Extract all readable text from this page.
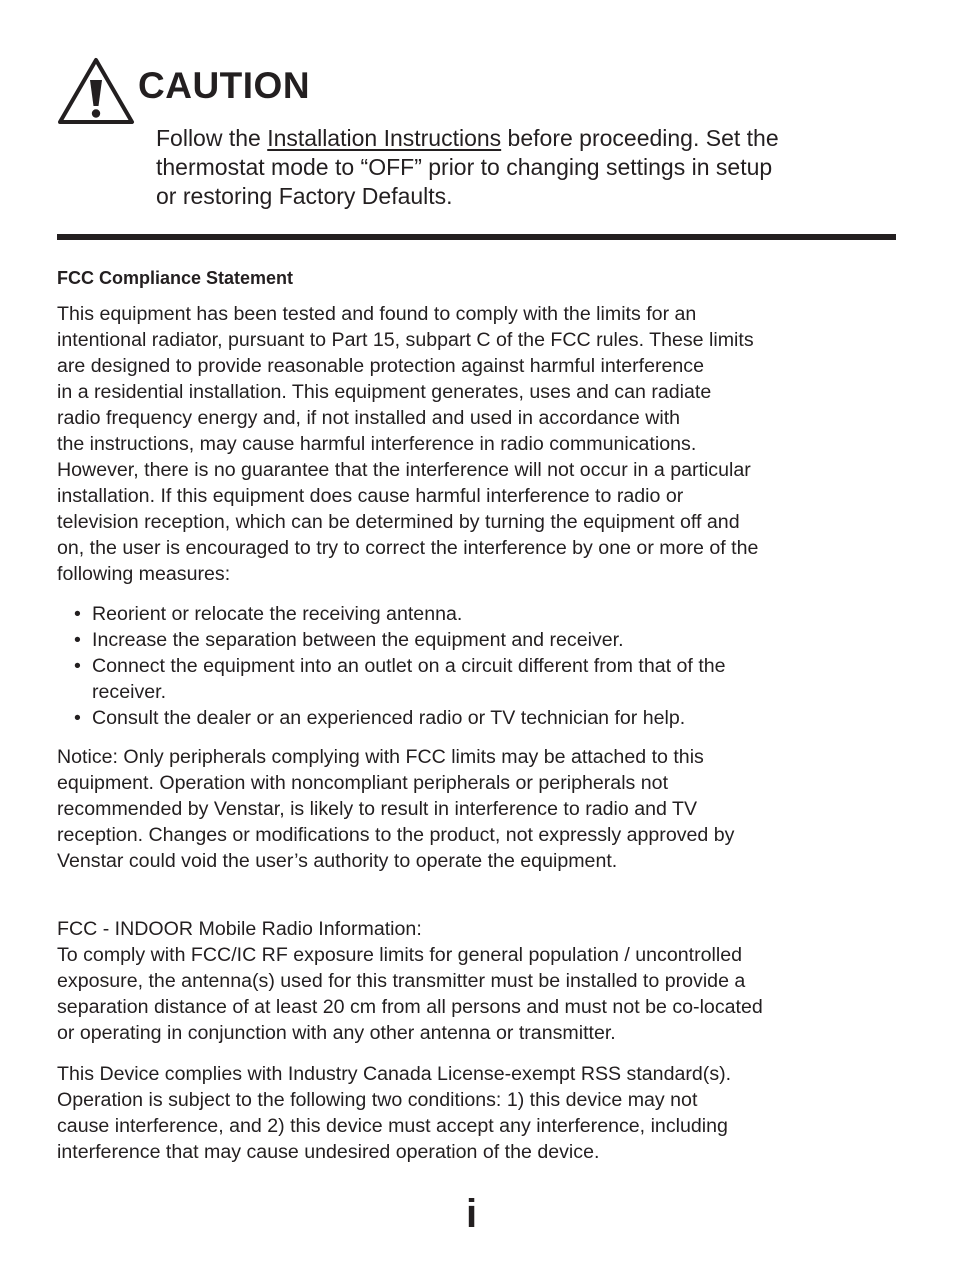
CAUTION
Follow the Installation Instructions before proceeding. Set the
thermostat mode to “OFF” prior to changing settings in setup
or restoring Factory Defaults.
FCC Compliance Statement
This equipment has been tested and found to comply with the limits for an
intentional radiator, pursuant to Part 15, subpart C of the FCC rules. These limits
are designed to provide reasonable protection against harmful interference
in a residential installation. This equipment generates, uses and can radiate
radio frequency energy and, if not installed and used in accordance with
the instructions, may cause harmful interference in radio communications.
However, there is no guarantee that the interference will not occur in a particular
installation. If this equipment does cause harmful interference to radio or
television reception, which can be determined by turning the equipment off and
on, the user is encouraged to try to correct the interference by one or more of the
following measures:
• Reorient or relocate the receiving antenna.
• Increase the separation between the equipment and receiver.
• Connect the equipment into an outlet on a circuit different from that of the
receiver.
• Consult the dealer or an experienced radio or TV technician for help.
Notice: Only peripherals complying with FCC limits may be attached to this
equipment. Operation with noncompliant peripherals or peripherals not
recommended by Venstar, is likely to result in interference to radio and TV
reception. Changes or modifications to the product, not expressly approved by
Venstar could void the user’s authority to operate the equipment.
FCC - INDOOR Mobile Radio Information:
To comply with FCC/IC RF exposure limits for general population / uncontrolled
exposure, the antenna(s) used for this transmitter must be installed to provide a
separation distance of at least 20 cm from all persons and must not be co-located
or operating in conjunction with any other antenna or transmitter.
This Device complies with Industry Canada License-exempt RSS standard(s).
Operation is subject to the following two conditions: 1) this device may not
cause interference, and 2) this device must accept any interference, including
interference that may cause undesired operation of the device.
i
